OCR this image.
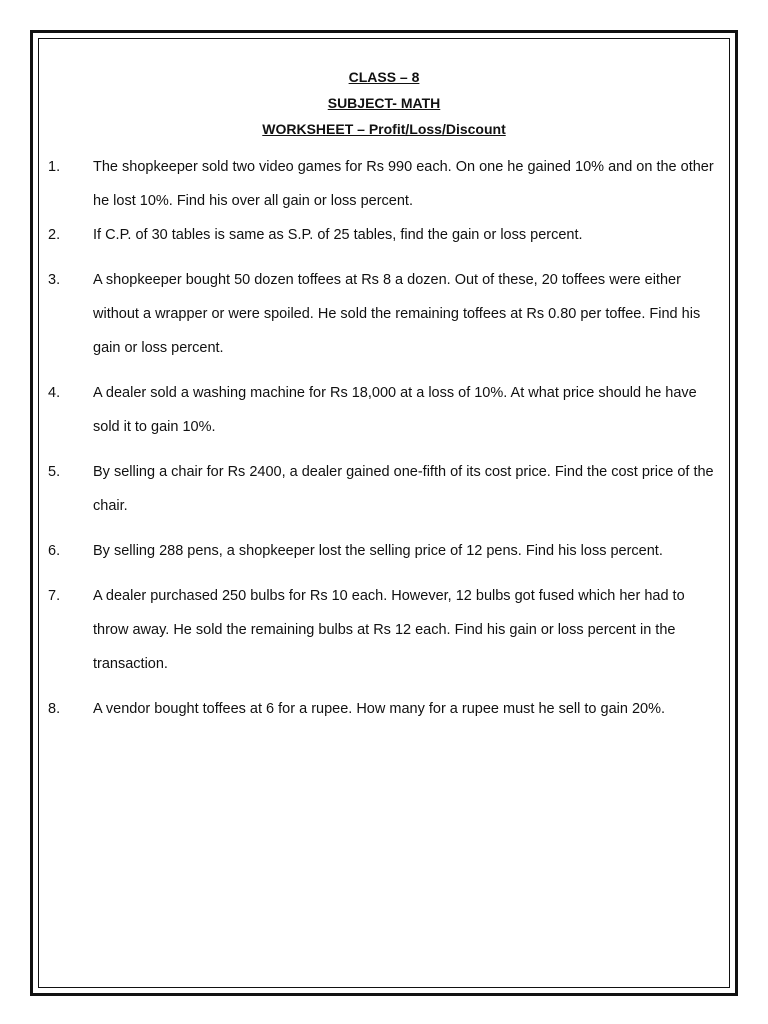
CLASS – 8
SUBJECT- MATH
WORKSHEET – Profit/Loss/Discount
1. The shopkeeper sold two video games for Rs 990 each. On one he gained 10% and on the other he lost 10%. Find his over all gain or loss percent.
2. If C.P. of 30 tables is same as S.P. of 25 tables, find the gain or loss percent.
3. A shopkeeper bought 50 dozen toffees at Rs 8 a dozen. Out of these, 20 toffees were either without a wrapper or were spoiled. He sold the remaining toffees at Rs 0.80 per toffee. Find his gain or loss percent.
4. A dealer sold a washing machine for Rs 18,000 at a loss of 10%. At what price should he have sold it to gain 10%.
5. By selling a chair for Rs 2400, a dealer gained one-fifth of its cost price. Find the cost price of the chair.
6. By selling 288 pens, a shopkeeper lost the selling price of 12 pens. Find his loss percent.
7. A dealer purchased 250 bulbs for Rs 10 each. However, 12 bulbs got fused which her had to throw away. He sold the remaining bulbs at Rs 12 each. Find his gain or loss percent in the transaction.
8. A vendor bought toffees at 6 for a rupee. How many for a rupee must he sell to gain 20%.
